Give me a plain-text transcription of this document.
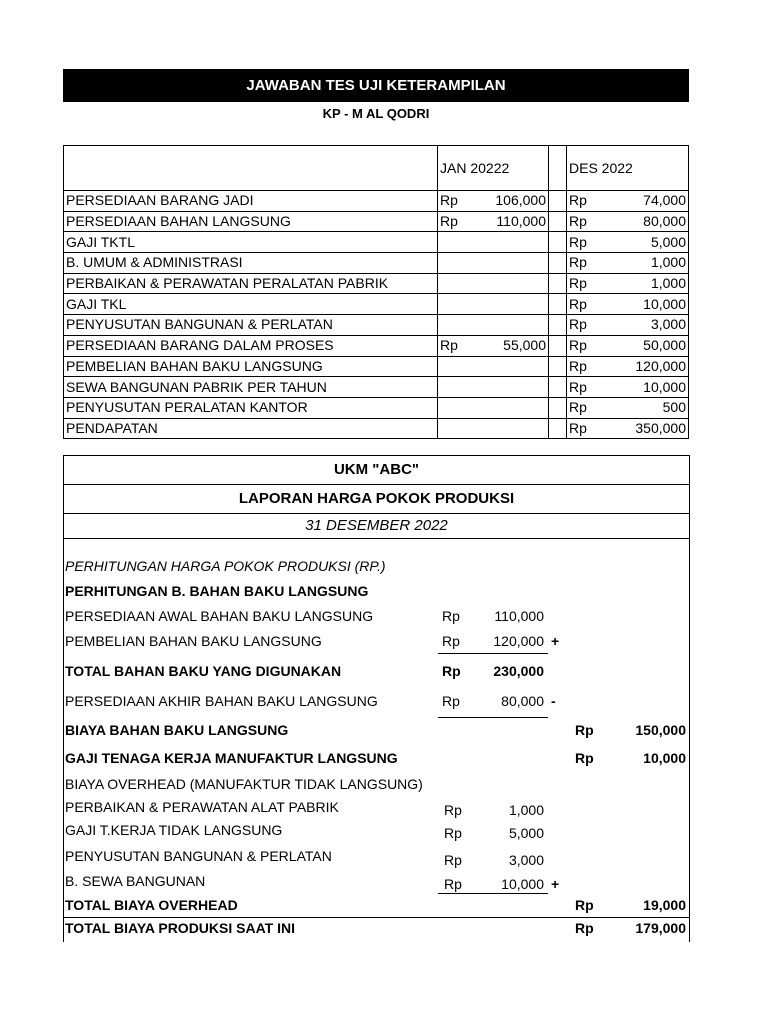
JAWABAN TES UJI KETERAMPILAN
KP - M AL QODRI
	JAN 20222			DES 2022	
PERSEDIAAN BARANG JADI	Rp	106,000		Rp	74,000
PERSEDIAAN BAHAN LANGSUNG	Rp	110,000		Rp	80,000
GAJI TKTL				Rp	5,000
B. UMUM & ADMINISTRASI				Rp	1,000
PERBAIKAN & PERAWATAN PERALATAN PABRIK				Rp	1,000
GAJI TKL				Rp	10,000
PENYUSUTAN BANGUNAN & PERLATAN				Rp	3,000
PERSEDIAAN BARANG DALAM PROSES	Rp	55,000		Rp	50,000
PEMBELIAN BAHAN BAKU LANGSUNG				Rp	120,000
SEWA BANGUNAN PABRIK PER TAHUN				Rp	10,000
PENYUSUTAN PERALATAN KANTOR				Rp	500
PENDAPATAN				Rp	350,000
UKM "ABC"
LAPORAN HARGA POKOK PRODUKSI
31 DESEMBER 2022
PERHITUNGAN HARGA POKOK PRODUKSI (RP.)
PERHITUNGAN B. BAHAN BAKU LANGSUNG
PERSEDIAAN AWAL BAHAN BAKU LANGSUNG	Rp	110,000
PEMBELIAN BAHAN BAKU LANGSUNG	Rp	120,000 +
TOTAL BAHAN BAKU YANG DIGUNAKAN	Rp	230,000
PERSEDIAAN AKHIR BAHAN BAKU LANGSUNG	Rp	80,000 -
BIAYA BAHAN BAKU LANGSUNG	Rp	150,000
GAJI TENAGA KERJA MANUFAKTUR LANGSUNG	Rp	10,000
BIAYA OVERHEAD (MANUFAKTUR TIDAK LANGSUNG)
PERBAIKAN & PERAWATAN ALAT PABRIK	Rp	1,000
GAJI T.KERJA TIDAK LANGSUNG	Rp	5,000
PENYUSUTAN BANGUNAN & PERLATAN	Rp	3,000
B. SEWA BANGUNAN	Rp	10,000 +
TOTAL BIAYA OVERHEAD	Rp	19,000
TOTAL BIAYA PRODUKSI SAAT INI	Rp	179,000
